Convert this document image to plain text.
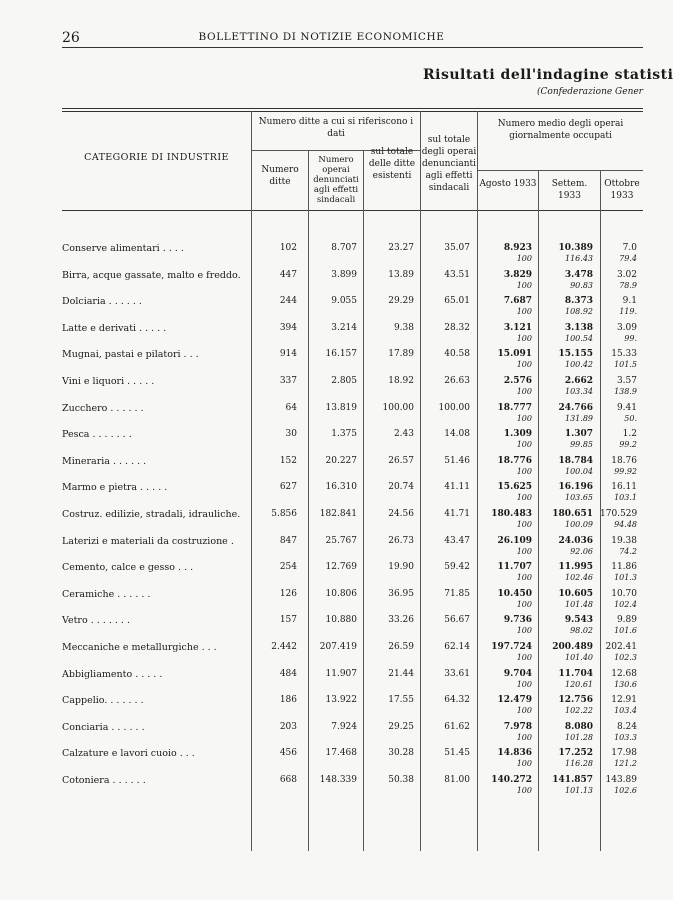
26	BOLLETTINO DI NOTIZIE ECONOMICHE
Risultati dell'indagine statisti
(Confederazione Gener
CATEGORIE DI INDUSTRIE
Numero ditte a cui si riferiscono i dati
Numero ditte
Numero operai denunciati agli effetti sindacali
sul totale delle ditte esistenti
sul totale degli operai denuncianti agli effetti sindacali
Numero medio degli operai giornalmente occupati
Agosto 1933	Settem. 1933
Ottobre 1933
Conserve alimentari . . . .	102	8.707	23.27	35.07	8.923	10.389	7.0
100	116.43	79.4
Birra, acque gassate, malto e freddo.	447	3.899	13.89	43.51	3.829	3.478	3.02
100	90.83	78.9
Dolciaria . . . . . .	244	9.055	29.29	65.01	7.687	8.373	9.1
100	108.92	119.
Latte e derivati . . . . .	394	3.214	9.38	28.32	3.121	3.138	3.09
100	100.54	99.
Mugnai, pastai e pilatori . . .	914	16.157	17.89	40.58	15.091	15.155	15.33
100	100.42	101.5
Vini e liquori . . . . .	337	2.805	18.92	26.63	2.576	2.662	3.57
100	103.34	138.9
Zucchero . . . . . .	64	13.819	100.00	100.00	18.777	24.766	9.41
100	131.89	50.
Pesca . . . . . . .	30	1.375	2.43	14.08	1.309	1.307	1.2
100	99.85	99.2
Mineraria . . . . . .	152	20.227	26.57	51.46	18.776	18.784	18.76
100	100.04	99.92
Marmo e pietra . . . . .	627	16.310	20.74	41.11	15.625	16.196	16.11
100	103.65	103.1
Costruz. edilizie, stradali, idrauliche.	5.856	182.841	24.56	41.71	180.483	180.651 170.529
100	100.09	94.48
Laterizi e materiali da costruzione .	847	25.767	26.73	43.47	26.109	24.036	19.38
100	92.06	74.2
Cemento, calce e gesso . . .	254	12.769	19.90	59.42	11.707	11.995	11.86
100	102.46	101.3
Ceramiche . . . . . .	126	10.806	36.95	71.85	10.450	10.605	10.70
100	101.48	102.4
Vetro . . . . . . .	157	10.880	33.26	56.67	9.736	9.543	9.89
100	98.02	101.6
Meccaniche e metallurgiche . . .	2.442	207.419	26.59	62.14	197.724	200.489	202.41
100	101.40	102.3
Abbigliamento . . . . .	484	11.907	21.44	33.61	9.704	11.704	12.68
100	120.61	130.6
Cappelio. . . . . . .	186	13.922	17.55	64.32	12.479	12.756	12.91
100	102.22	103.4
Conciaria . . . . . .	203	7.924	29.25	61.62	7.978	8.080	8.24
100	101.28	103.3
Calzature e lavori cuoio . . .	456	17.468	30.28	51.45	14.836	17.252	17.98
100	116.28	121.2
Cotoniera . . . . . .	668	148.339	50.38	81.00	140.272	141.857	143.89
100	101.13	102.6
